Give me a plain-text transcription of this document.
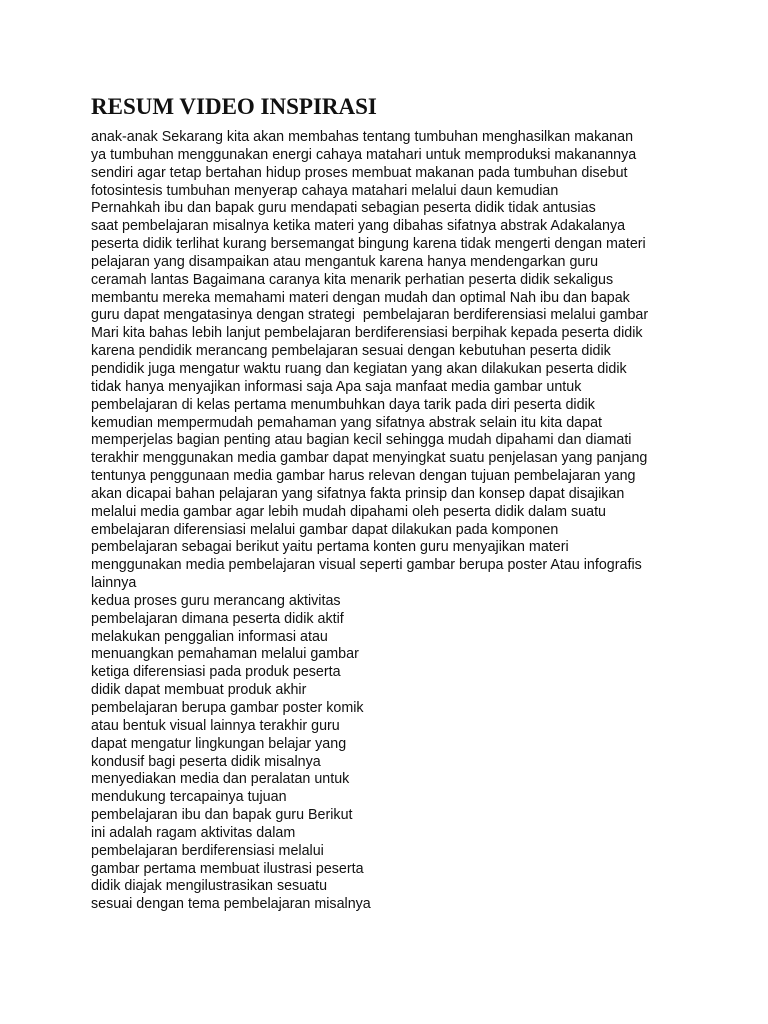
RESUM VIDEO INSPIRASI
anak-anak Sekarang kita akan membahas tentang tumbuhan menghasilkan makanan
ya tumbuhan menggunakan energi cahaya matahari untuk memproduksi makanannya
sendiri agar tetap bertahan hidup proses membuat makanan pada tumbuhan disebut
fotosintesis tumbuhan menyerap cahaya matahari melalui daun kemudian
Pernahkah ibu dan bapak guru mendapati sebagian peserta didik tidak antusias
saat pembelajaran misalnya ketika materi yang dibahas sifatnya abstrak Adakalanya
peserta didik terlihat kurang bersemangat bingung karena tidak mengerti dengan materi
pelajaran yang disampaikan atau mengantuk karena hanya mendengarkan guru
ceramah lantas Bagaimana caranya kita menarik perhatian peserta didik sekaligus
membantu mereka memahami materi dengan mudah dan optimal Nah ibu dan bapak
guru dapat mengatasinya dengan strategi  pembelajaran berdiferensiasi melalui gambar
Mari kita bahas lebih lanjut pembelajaran berdiferensiasi berpihak kepada peserta didik
karena pendidik merancang pembelajaran sesuai dengan kebutuhan peserta didik
pendidik juga mengatur waktu ruang dan kegiatan yang akan dilakukan peserta didik
tidak hanya menyajikan informasi saja Apa saja manfaat media gambar untuk
pembelajaran di kelas pertama menumbuhkan daya tarik pada diri peserta didik
kemudian mempermudah pemahaman yang sifatnya abstrak selain itu kita dapat
memperjelas bagian penting atau bagian kecil sehingga mudah dipahami dan diamati
terakhir menggunakan media gambar dapat menyingkat suatu penjelasan yang panjang
tentunya penggunaan media gambar harus relevan dengan tujuan pembelajaran yang
akan dicapai bahan pelajaran yang sifatnya fakta prinsip dan konsep dapat disajikan
melalui media gambar agar lebih mudah dipahami oleh peserta didik dalam suatu
embelajaran diferensiasi melalui gambar dapat dilakukan pada komponen
pembelajaran sebagai berikut yaitu pertama konten guru menyajikan materi
menggunakan media pembelajaran visual seperti gambar berupa poster Atau infografis
lainnya
kedua proses guru merancang aktivitas
pembelajaran dimana peserta didik aktif
melakukan penggalian informasi atau
menuangkan pemahaman melalui gambar
ketiga diferensiasi pada produk peserta
didik dapat membuat produk akhir
pembelajaran berupa gambar poster komik
atau bentuk visual lainnya terakhir guru
dapat mengatur lingkungan belajar yang
kondusif bagi peserta didik misalnya
menyediakan media dan peralatan untuk
mendukung tercapainya tujuan
pembelajaran ibu dan bapak guru Berikut
ini adalah ragam aktivitas dalam
pembelajaran berdiferensiasi melalui
gambar pertama membuat ilustrasi peserta
didik diajak mengilustrasikan sesuatu
sesuai dengan tema pembelajaran misalnya
